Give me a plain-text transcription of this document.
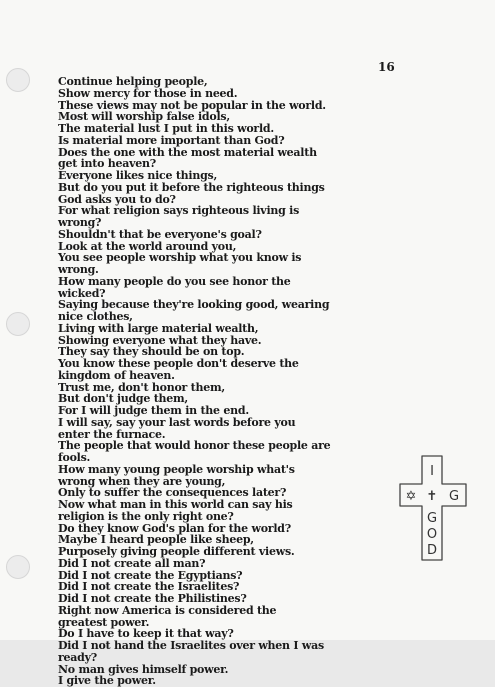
16
Continue helping people,
Show mercy for those in need.
These views may not be popular in the world.
Most will worship false idols,
The material lust I put in this world.
Is material more important than God?
Does the one with the most material wealth
get into heaven?
Everyone likes nice things,
But do you put it before the righteous things
God asks you to do?
For what religion says righteous living is
wrong?
Shouldn't that be everyone's goal?
Look at the world around you,
You see people worship what you know is
wrong.
How many people do you see honor the
wicked?
Saying because they're looking good, wearing
nice clothes,
Living with large material wealth,
Showing everyone what they have.
They say they should be on top.
You know these people don't deserve the
kingdom of heaven.
Trust me, don't honor them,
But don't judge them,
For I will judge them in the end.
I will say, say your last words before you
enter the furnace.
The people that would honor these people are
fools.
How many young people worship what's
wrong when they are young,
Only to suffer the consequences later?
Now what man in this world can say his
religion is the only right one?
Do they know God's plan for the world?
Maybe I heard people like sheep,
Purposely giving people different views.
Did I not create all man?
Did I not create the Egyptians?
Did I not create the Israelites?
Did I not create the Philistines?
Right now America is considered the
greatest power.
Do I have to keep it that way?
Did I not hand the Israelites over when I was
ready?
No man gives himself power.
I give the power.
I
✡ ✝ G
G
O
D
